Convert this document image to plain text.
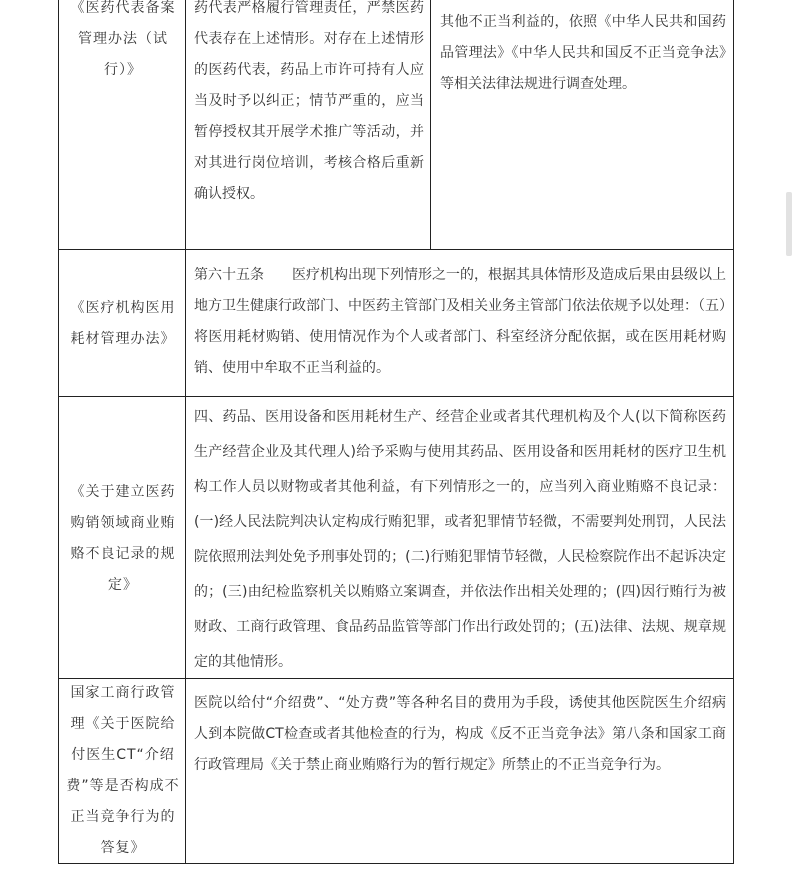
《医药代表备案管理办法（试行）》

药代表严格履行管理责任，严禁医药代表存在上述情形。对存在上述情形的医药代表，药品上市许可持有人应当及时予以纠正；情节严重的，应当暂停授权其开展学术推广等活动，并对其进行岗位培训，考核合格后重新确认授权。

其他不正当利益的，依照《中华人民共和国药品管理法》《中华人民共和国反不正当竞争法》等相关法律法规进行调查处理。

《医疗机构医用耗材管理办法》

第六十五条　　医疗机构出现下列情形之一的，根据其具体情形及造成后果由县级以上地方卫生健康行政部门、中医药主管部门及相关业务主管部门依法依规予以处理：（五）将医用耗材购销、使用情况作为个人或者部门、科室经济分配依据，或在医用耗材购销、使用中牟取不正当利益的。

《关于建立医药购销领域商业贿赂不良记录的规定》

四、药品、医用设备和医用耗材生产、经营企业或者其代理机构及个人(以下简称医药生产经营企业及其代理人)给予采购与使用其药品、医用设备和医用耗材的医疗卫生机构工作人员以财物或者其他利益，有下列情形之一的，应当列入商业贿赂不良记录：(一)经人民法院判决认定构成行贿犯罪，或者犯罪情节轻微，不需要判处刑罚，人民法院依照刑法判处免予刑事处罚的；(二)行贿犯罪情节轻微，人民检察院作出不起诉决定的；(三)由纪检监察机关以贿赂立案调查，并依法作出相关处理的；(四)因行贿行为被财政、工商行政管理、食品药品监管等部门作出行政处罚的；(五)法律、法规、规章规定的其他情形。

国家工商行政管理《关于医院给付医生CT“介绍费”等是否构成不正当竞争行为的答复》

医院以给付“介绍费”、“处方费”等各种名目的费用为手段，诱使其他医院医生介绍病人到本院做CT检查或者其他检查的行为，构成《反不正当竞争法》第八条和国家工商行政管理局《关于禁止商业贿赂行为的暂行规定》所禁止的不正当竞争行为。
